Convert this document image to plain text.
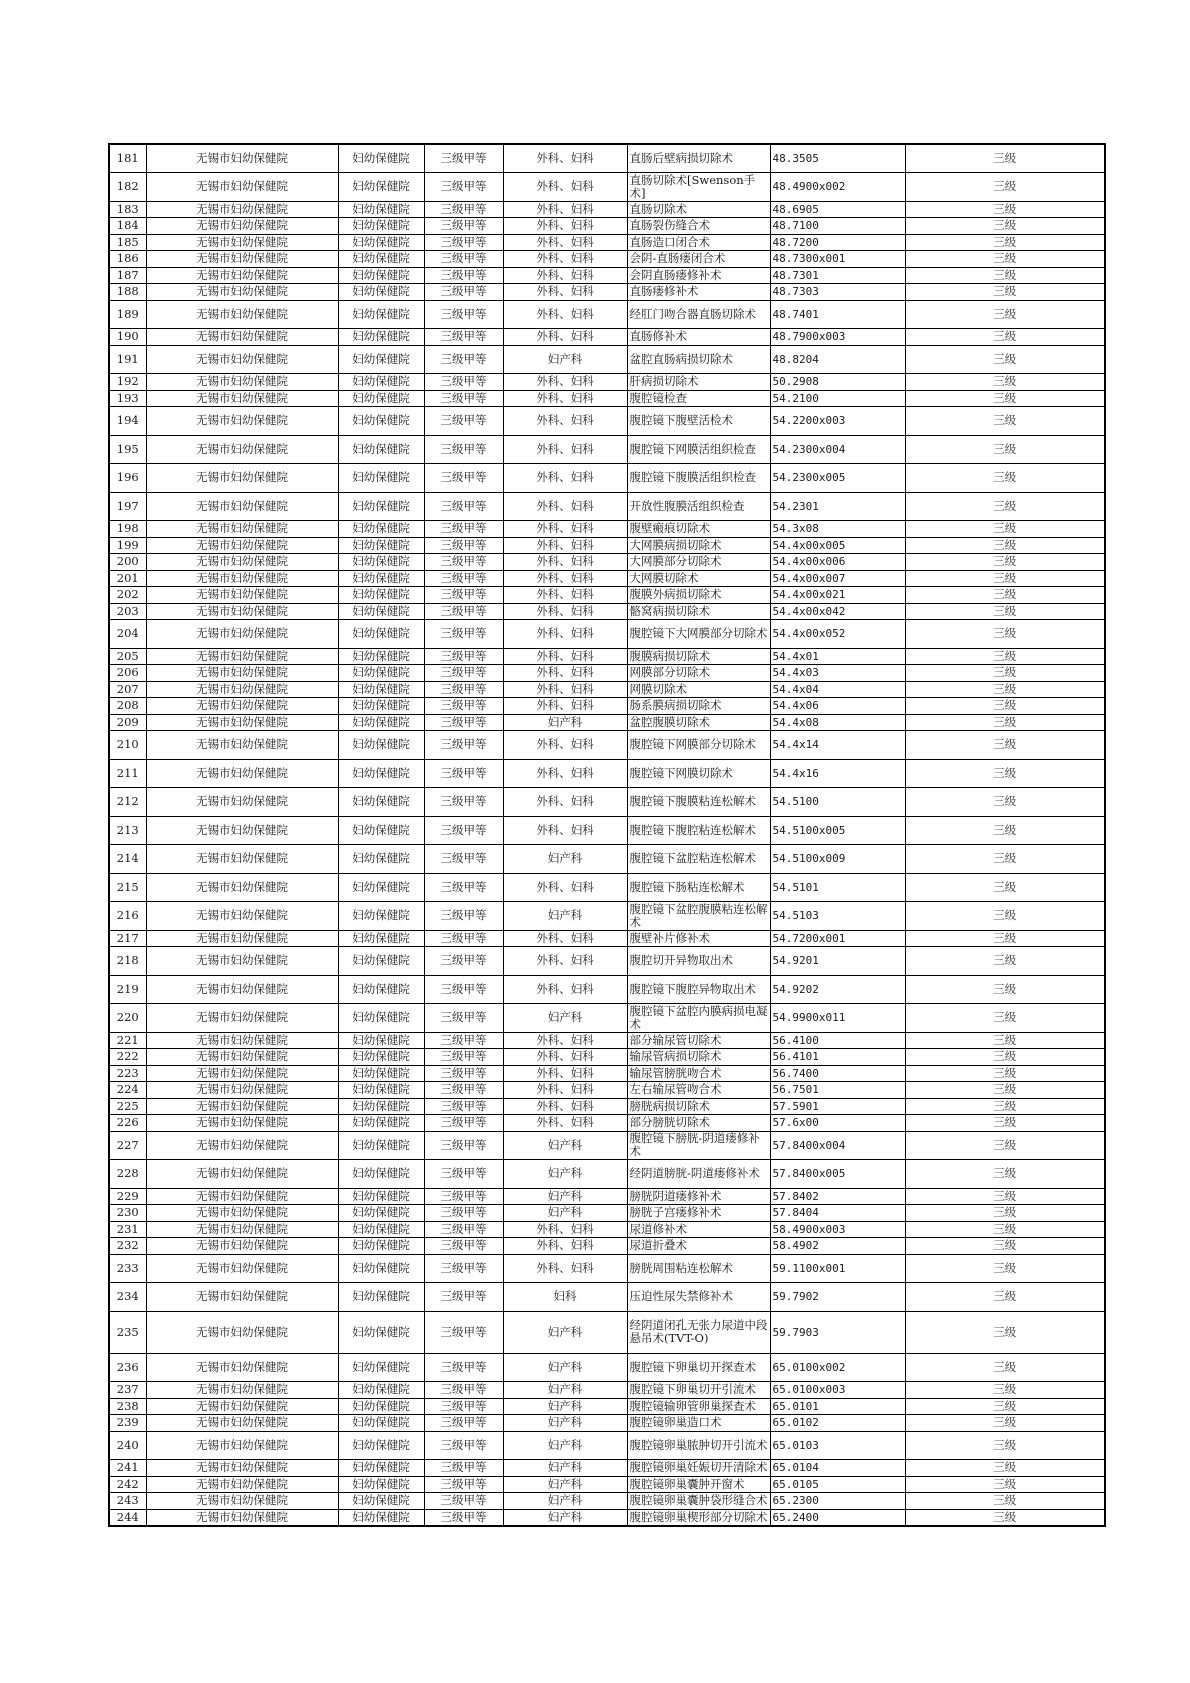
181	无锡市妇幼保健院	妇幼保健院	三级甲等	外科、妇科	直肠后壁病损切除术	48.3505	三级
182	无锡市妇幼保健院	妇幼保健院	三级甲等	外科、妇科	直肠切除术[Swenson手术]	48.4900x002	三级
183	无锡市妇幼保健院	妇幼保健院	三级甲等	外科、妇科	直肠切除术	48.6905	三级
184	无锡市妇幼保健院	妇幼保健院	三级甲等	外科、妇科	直肠裂伤缝合术	48.7100	三级
185	无锡市妇幼保健院	妇幼保健院	三级甲等	外科、妇科	直肠造口闭合术	48.7200	三级
186	无锡市妇幼保健院	妇幼保健院	三级甲等	外科、妇科	会阴-直肠瘘闭合术	48.7300x001	三级
187	无锡市妇幼保健院	妇幼保健院	三级甲等	外科、妇科	会阴直肠瘘修补术	48.7301	三级
188	无锡市妇幼保健院	妇幼保健院	三级甲等	外科、妇科	直肠瘘修补术	48.7303	三级
189	无锡市妇幼保健院	妇幼保健院	三级甲等	外科、妇科	经肛门吻合器直肠切除术	48.7401	三级
190	无锡市妇幼保健院	妇幼保健院	三级甲等	外科、妇科	直肠修补术	48.7900x003	三级
191	无锡市妇幼保健院	妇幼保健院	三级甲等	妇产科	盆腔直肠病损切除术	48.8204	三级
192	无锡市妇幼保健院	妇幼保健院	三级甲等	外科、妇科	肝病损切除术	50.2908	三级
193	无锡市妇幼保健院	妇幼保健院	三级甲等	外科、妇科	腹腔镜检查	54.2100	三级
194	无锡市妇幼保健院	妇幼保健院	三级甲等	外科、妇科	腹腔镜下腹壁活检术	54.2200x003	三级
195	无锡市妇幼保健院	妇幼保健院	三级甲等	外科、妇科	腹腔镜下网膜活组织检查	54.2300x004	三级
196	无锡市妇幼保健院	妇幼保健院	三级甲等	外科、妇科	腹腔镜下腹膜活组织检查	54.2300x005	三级
197	无锡市妇幼保健院	妇幼保健院	三级甲等	外科、妇科	开放性腹膜活组织检查	54.2301	三级
198	无锡市妇幼保健院	妇幼保健院	三级甲等	外科、妇科	腹壁瘢痕切除术	54.3x08	三级
199	无锡市妇幼保健院	妇幼保健院	三级甲等	外科、妇科	大网膜病损切除术	54.4x00x005	三级
200	无锡市妇幼保健院	妇幼保健院	三级甲等	外科、妇科	大网膜部分切除术	54.4x00x006	三级
201	无锡市妇幼保健院	妇幼保健院	三级甲等	外科、妇科	大网膜切除术	54.4x00x007	三级
202	无锡市妇幼保健院	妇幼保健院	三级甲等	外科、妇科	腹膜外病损切除术	54.4x00x021	三级
203	无锡市妇幼保健院	妇幼保健院	三级甲等	外科、妇科	骼窝病损切除术	54.4x00x042	三级
204	无锡市妇幼保健院	妇幼保健院	三级甲等	外科、妇科	腹腔镜下大网膜部分切除术	54.4x00x052	三级
205	无锡市妇幼保健院	妇幼保健院	三级甲等	外科、妇科	腹膜病损切除术	54.4x01	三级
206	无锡市妇幼保健院	妇幼保健院	三级甲等	外科、妇科	网膜部分切除术	54.4x03	三级
207	无锡市妇幼保健院	妇幼保健院	三级甲等	外科、妇科	网膜切除术	54.4x04	三级
208	无锡市妇幼保健院	妇幼保健院	三级甲等	外科、妇科	肠系膜病损切除术	54.4x06	三级
209	无锡市妇幼保健院	妇幼保健院	三级甲等	妇产科	盆腔腹膜切除术	54.4x08	三级
210	无锡市妇幼保健院	妇幼保健院	三级甲等	外科、妇科	腹腔镜下网膜部分切除术	54.4x14	三级
211	无锡市妇幼保健院	妇幼保健院	三级甲等	外科、妇科	腹腔镜下网膜切除术	54.4x16	三级
212	无锡市妇幼保健院	妇幼保健院	三级甲等	外科、妇科	腹腔镜下腹膜粘连松解术	54.5100	三级
213	无锡市妇幼保健院	妇幼保健院	三级甲等	外科、妇科	腹腔镜下腹腔粘连松解术	54.5100x005	三级
214	无锡市妇幼保健院	妇幼保健院	三级甲等	妇产科	腹腔镜下盆腔粘连松解术	54.5100x009	三级
215	无锡市妇幼保健院	妇幼保健院	三级甲等	外科、妇科	腹腔镜下肠粘连松解术	54.5101	三级
216	无锡市妇幼保健院	妇幼保健院	三级甲等	妇产科	腹腔镜下盆腔腹膜粘连松解术	54.5103	三级
217	无锡市妇幼保健院	妇幼保健院	三级甲等	外科、妇科	腹壁补片修补术	54.7200x001	三级
218	无锡市妇幼保健院	妇幼保健院	三级甲等	外科、妇科	腹腔切开异物取出术	54.9201	三级
219	无锡市妇幼保健院	妇幼保健院	三级甲等	外科、妇科	腹腔镜下腹腔异物取出术	54.9202	三级
220	无锡市妇幼保健院	妇幼保健院	三级甲等	妇产科	腹腔镜下盆腔内膜病损电凝术	54.9900x011	三级
221	无锡市妇幼保健院	妇幼保健院	三级甲等	外科、妇科	部分输尿管切除术	56.4100	三级
222	无锡市妇幼保健院	妇幼保健院	三级甲等	外科、妇科	输尿管病损切除术	56.4101	三级
223	无锡市妇幼保健院	妇幼保健院	三级甲等	外科、妇科	输尿管膀胱吻合术	56.7400	三级
224	无锡市妇幼保健院	妇幼保健院	三级甲等	外科、妇科	左右输尿管吻合术	56.7501	三级
225	无锡市妇幼保健院	妇幼保健院	三级甲等	外科、妇科	膀胱病损切除术	57.5901	三级
226	无锡市妇幼保健院	妇幼保健院	三级甲等	外科、妇科	部分膀胱切除术	57.6x00	三级
227	无锡市妇幼保健院	妇幼保健院	三级甲等	妇产科	腹腔镜下膀胱-阴道瘘修补术	57.8400x004	三级
228	无锡市妇幼保健院	妇幼保健院	三级甲等	妇产科	经阴道膀胱-阴道瘘修补术	57.8400x005	三级
229	无锡市妇幼保健院	妇幼保健院	三级甲等	妇产科	膀胱阴道瘘修补术	57.8402	三级
230	无锡市妇幼保健院	妇幼保健院	三级甲等	妇产科	膀胱子宫瘘修补术	57.8404	三级
231	无锡市妇幼保健院	妇幼保健院	三级甲等	外科、妇科	尿道修补术	58.4900x003	三级
232	无锡市妇幼保健院	妇幼保健院	三级甲等	外科、妇科	尿道折叠术	58.4902	三级
233	无锡市妇幼保健院	妇幼保健院	三级甲等	外科、妇科	膀胱周围粘连松解术	59.1100x001	三级
234	无锡市妇幼保健院	妇幼保健院	三级甲等	妇科	压迫性尿失禁修补术	59.7902	三级
235	无锡市妇幼保健院	妇幼保健院	三级甲等	妇产科	经阴道闭孔无张力尿道中段悬吊术(TVT-O)	59.7903	三级
236	无锡市妇幼保健院	妇幼保健院	三级甲等	妇产科	腹腔镜下卵巢切开探查术	65.0100x002	三级
237	无锡市妇幼保健院	妇幼保健院	三级甲等	妇产科	腹腔镜下卵巢切开引流术	65.0100x003	三级
238	无锡市妇幼保健院	妇幼保健院	三级甲等	妇产科	腹腔镜输卵管卵巢探查术	65.0101	三级
239	无锡市妇幼保健院	妇幼保健院	三级甲等	妇产科	腹腔镜卵巢造口术	65.0102	三级
240	无锡市妇幼保健院	妇幼保健院	三级甲等	妇产科	腹腔镜卵巢脓肿切开引流术	65.0103	三级
241	无锡市妇幼保健院	妇幼保健院	三级甲等	妇产科	腹腔镜卵巢妊娠切开清除术	65.0104	三级
242	无锡市妇幼保健院	妇幼保健院	三级甲等	妇产科	腹腔镜卵巢囊肿开窗术	65.0105	三级
243	无锡市妇幼保健院	妇幼保健院	三级甲等	妇产科	腹腔镜卵巢囊肿袋形缝合术	65.2300	三级
244	无锡市妇幼保健院	妇幼保健院	三级甲等	妇产科	腹腔镜卵巢楔形部分切除术	65.2400	三级
